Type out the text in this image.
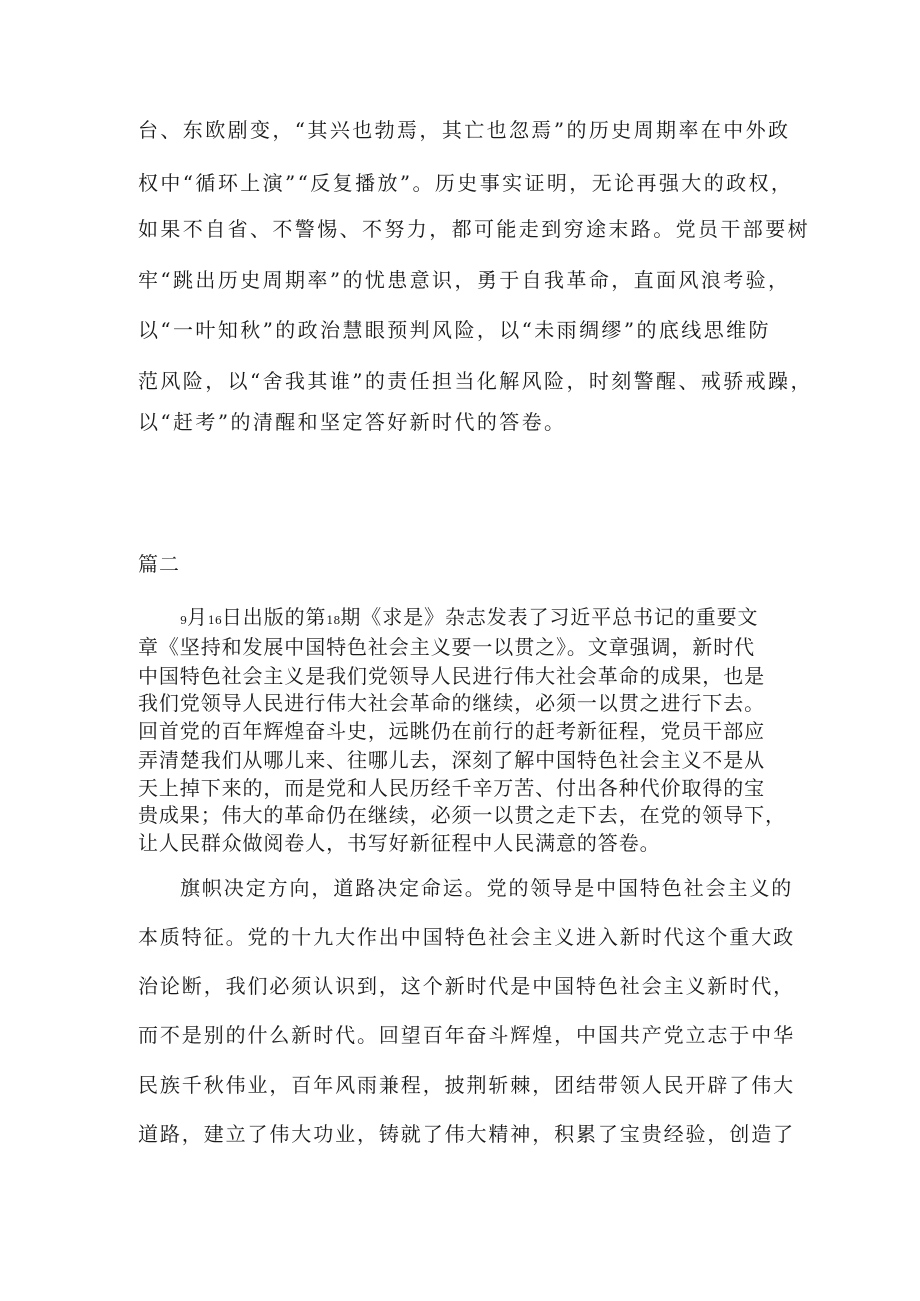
台、东欧剧变，“其兴也勃焉，其亡也忽焉”的历史周期率在中外政
权中“循环上演”“反复播放”。历史事实证明，无论再强大的政权，
如果不自省、不警惕、不努力，都可能走到穷途末路。党员干部要树
牢“跳出历史周期率”的忧患意识，勇于自我革命，直面风浪考验，
以“一叶知秋”的政治慧眼预判风险，以“未雨绸缪”的底线思维防
范风险，以“舍我其谁”的责任担当化解风险，时刻警醒、戒骄戒躁，
以“赶考”的清醒和坚定答好新时代的答卷。
篇二
9月16日出版的第18期《求是》杂志发表了习近平总书记的重要文
章《坚持和发展中国特色社会主义要一以贯之》。文章强调，新时代
中国特色社会主义是我们党领导人民进行伟大社会革命的成果，也是
我们党领导人民进行伟大社会革命的继续，必须一以贯之进行下去。
回首党的百年辉煌奋斗史，远眺仍在前行的赶考新征程，党员干部应
弄清楚我们从哪儿来、往哪儿去，深刻了解中国特色社会主义不是从
天上掉下来的，而是党和人民历经千辛万苦、付出各种代价取得的宝
贵成果；伟大的革命仍在继续，必须一以贯之走下去，在党的领导下，
让人民群众做阅卷人，书写好新征程中人民满意的答卷。
旗帜决定方向，道路决定命运。党的领导是中国特色社会主义的
本质特征。党的十九大作出中国特色社会主义进入新时代这个重大政
治论断，我们必须认识到，这个新时代是中国特色社会主义新时代，
而不是别的什么新时代。回望百年奋斗辉煌，中国共产党立志于中华
民族千秋伟业，百年风雨兼程，披荆斩棘，团结带领人民开辟了伟大
道路，建立了伟大功业，铸就了伟大精神，积累了宝贵经验，创造了
